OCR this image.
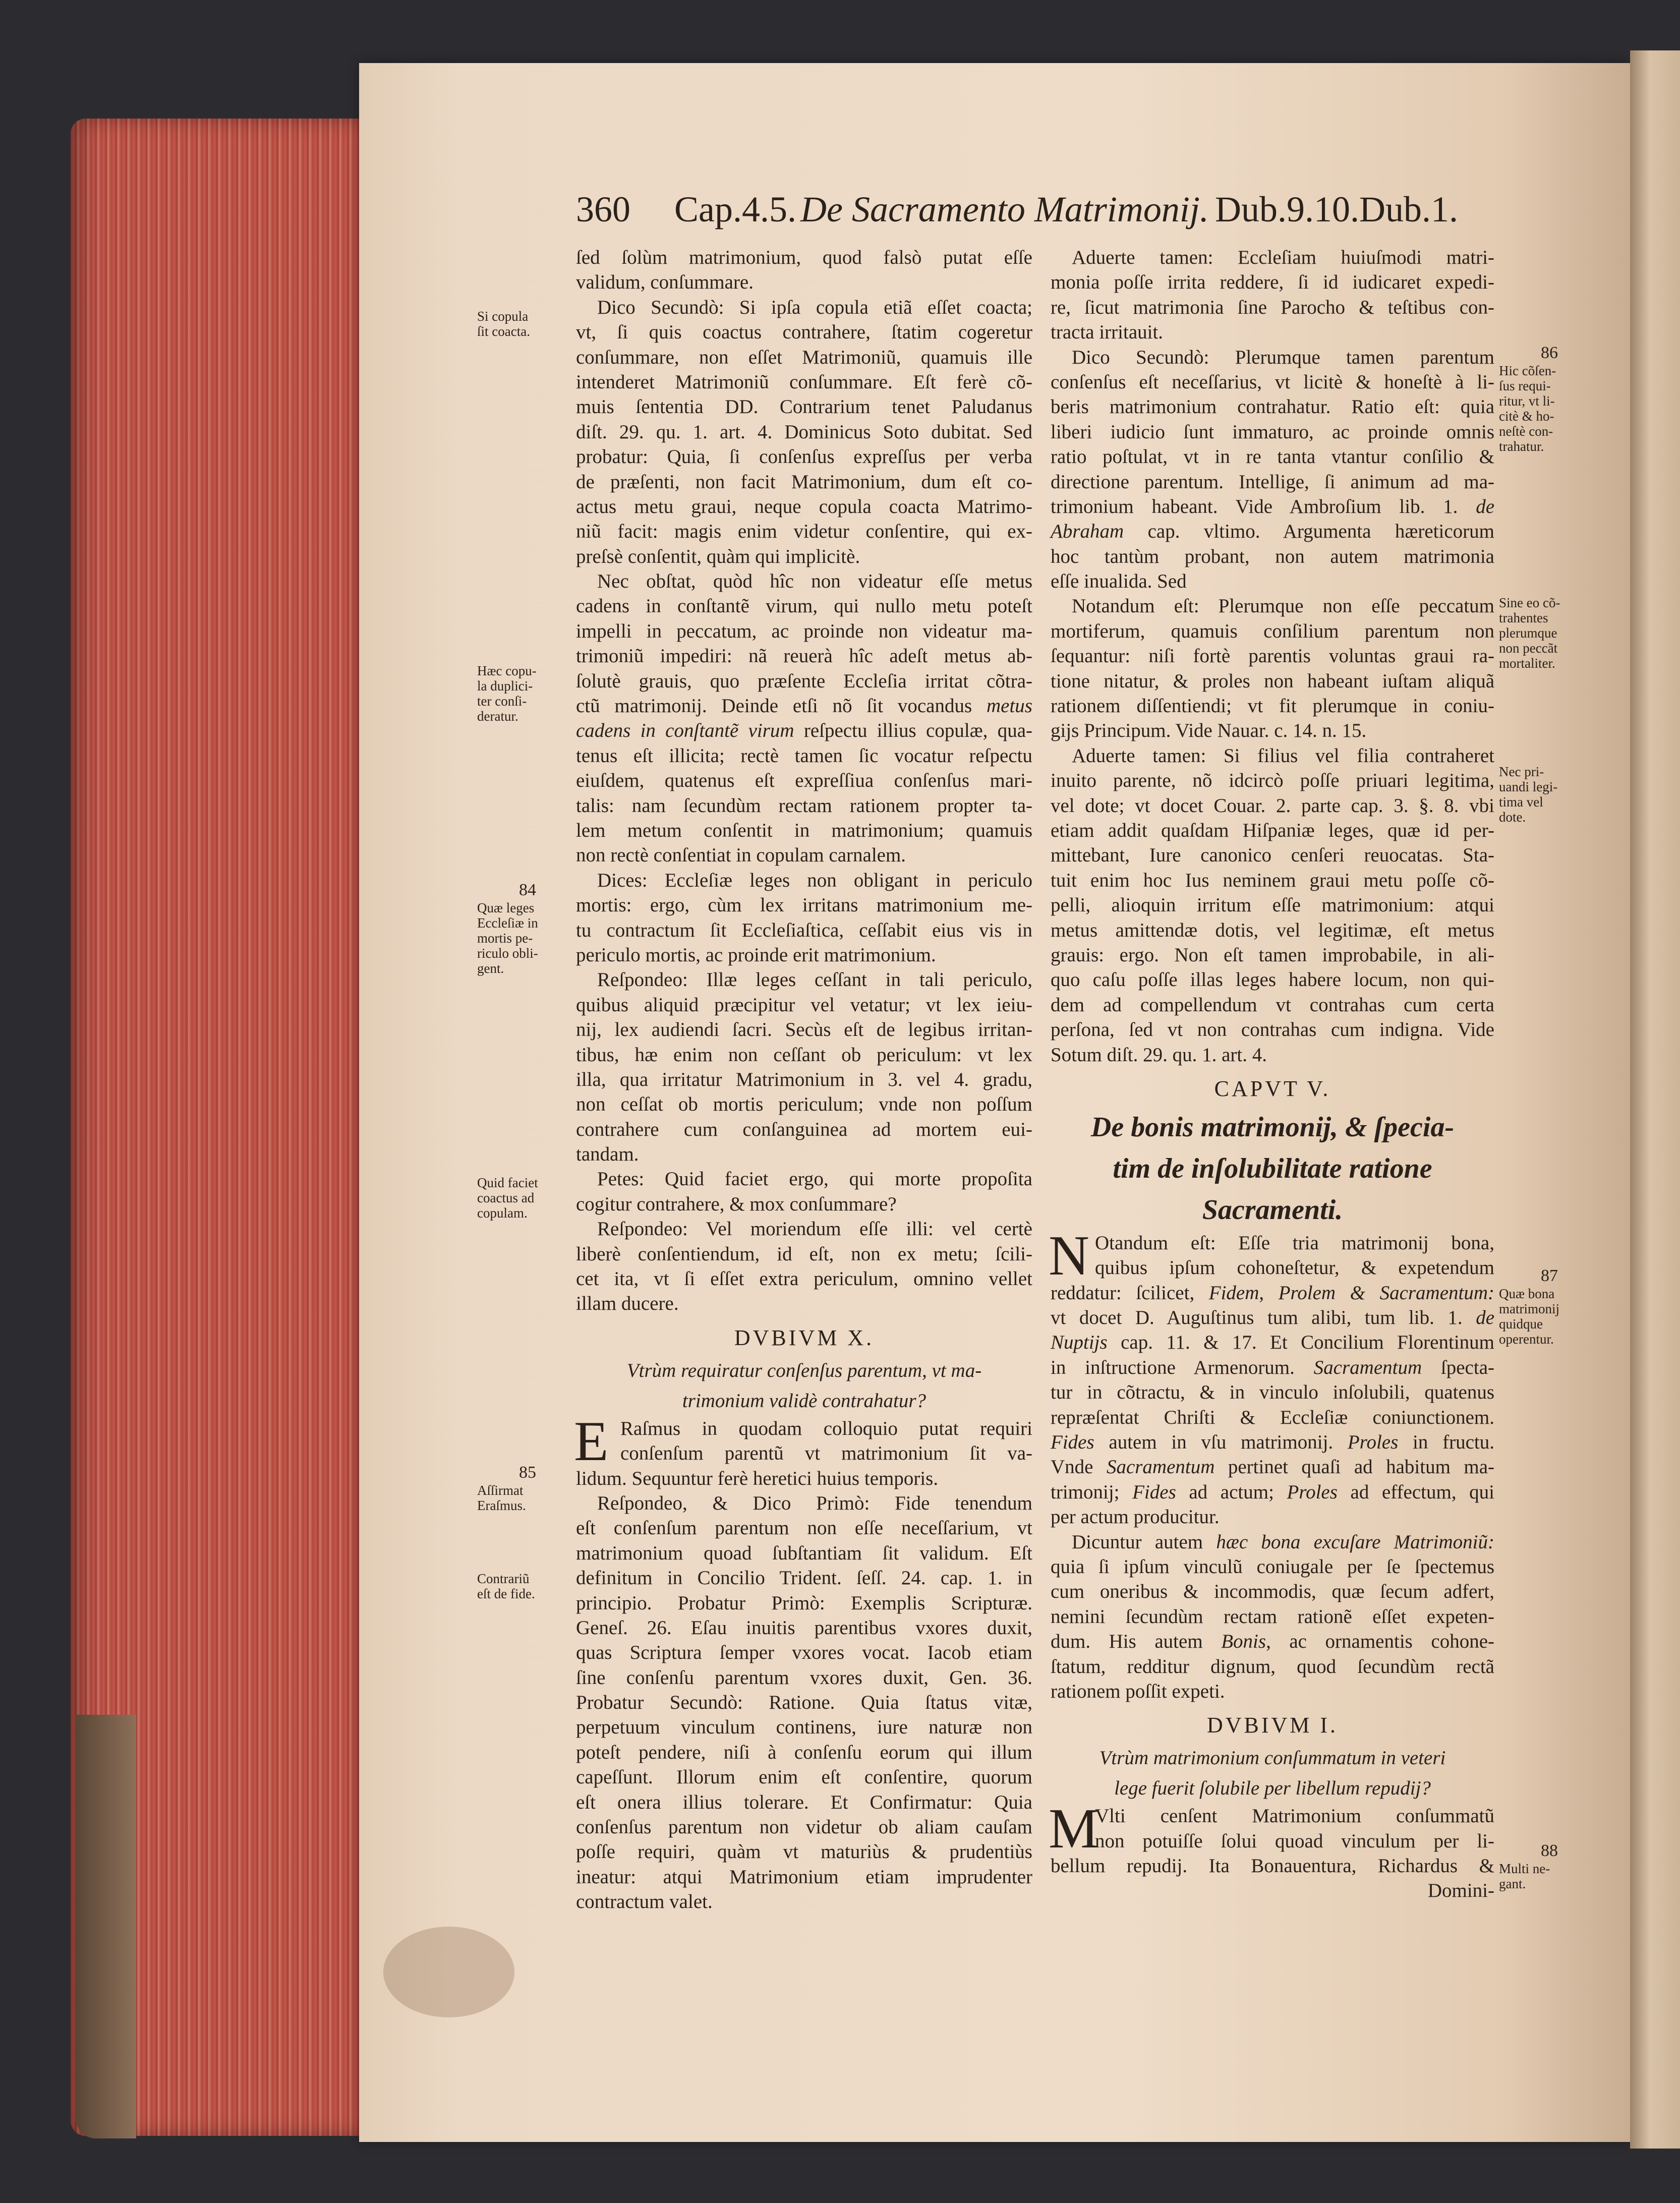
360 Cap.4.5. De Sacramento Matrimonij. Dub.9.10.Dub.1.
ſed ſolùm matrimonium, quod falsò putat eſſe
validum, conſummare.
Dico Secundò: Si ipſa copula etiã eſſet coacta;
vt, ſi quis coactus contrahere, ſtatim cogeretur
conſummare, non eſſet Matrimoniũ, quamuis ille
intenderet Matrimoniũ conſummare. Eſt ferè cõ-
muis ſententia DD. Contrarium tenet Paludanus
diſt. 29. qu. 1. art. 4. Dominicus Soto dubitat. Sed
probatur: Quia, ſi conſenſus expreſſus per verba
de præſenti, non facit Matrimonium, dum eſt co-
actus metu graui, neque copula coacta Matrimo-
niũ facit: magis enim videtur conſentire, qui ex-
preſsè conſentit, quàm qui implicitè.
Nec obſtat, quòd hîc non videatur eſſe metus
cadens in conſtantẽ virum, qui nullo metu poteſt
impelli in peccatum, ac proinde non videatur ma-
trimoniũ impediri: nã reuerà hîc adeſt metus ab-
ſolutè grauis, quo præſente Eccleſia irritat cõtra-
ctũ matrimonij. Deinde etſi nõ ſit vocandus metus
cadens in conſtantẽ virum reſpectu illius copulæ, qua-
tenus eſt illicita; rectè tamen ſic vocatur reſpectu
eiuſdem, quatenus eſt expreſſiua conſenſus mari-
talis: nam ſecundùm rectam rationem propter ta-
lem metum conſentit in matrimonium; quamuis
non rectè conſentiat in copulam carnalem.
Dices: Eccleſiæ leges non obligant in periculo
mortis: ergo, cùm lex irritans matrimonium me-
tu contractum ſit Eccleſiaſtica, ceſſabit eius vis in
periculo mortis, ac proinde erit matrimonium.
Reſpondeo: Illæ leges ceſſant in tali periculo,
quibus aliquid præcipitur vel vetatur; vt lex ieiu-
nij, lex audiendi ſacri. Secùs eſt de legibus irritan-
tibus, hæ enim non ceſſant ob periculum: vt lex
illa, qua irritatur Matrimonium in 3. vel 4. gradu,
non ceſſat ob mortis periculum; vnde non poſſum
contrahere cum conſanguinea ad mortem eui-
tandam.
Petes: Quid faciet ergo, qui morte propoſita
cogitur contrahere, & mox conſummare?
Reſpondeo: Vel moriendum eſſe illi: vel certè
liberè conſentiendum, id eſt, non ex metu; ſcili-
cet ita, vt ſi eſſet extra periculum, omnino vellet
illam ducere.
DVBIVM X.
Vtrùm requiratur conſenſus parentum, vt ma-
trimonium validè contrahatur?
E Raſmus in quodam colloquio putat requiri
conſenſum parentũ vt matrimonium ſit va-
lidum. Sequuntur ferè heretici huius temporis.
Reſpondeo, & Dico Primò: Fide tenendum
eſt conſenſum parentum non eſſe neceſſarium, vt
matrimonium quoad ſubſtantiam ſit validum. Eſt
definitum in Concilio Trident. ſeſſ. 24. cap. 1. in
principio. Probatur Primò: Exemplis Scripturæ.
Geneſ. 26. Eſau inuitis parentibus vxores duxit,
quas Scriptura ſemper vxores vocat. Iacob etiam
ſine conſenſu parentum vxores duxit, Gen. 36.
Probatur Secundò: Ratione. Quia ſtatus vitæ,
perpetuum vinculum continens, iure naturæ non
poteſt pendere, niſi à conſenſu eorum qui illum
capeſſunt. Illorum enim eſt conſentire, quorum
eſt onera illius tolerare. Et Confirmatur: Quia
conſenſus parentum non videtur ob aliam cauſam
poſſe requiri, quàm vt maturiùs & prudentiùs
ineatur: atqui Matrimonium etiam imprudenter
contractum valet.
Aduerte tamen: Eccleſiam huiuſmodi matri-
monia poſſe irrita reddere, ſi id iudicaret expedi-
re, ſicut matrimonia ſine Parocho & teſtibus con-
tracta irritauit.
Dico Secundò: Plerumque tamen parentum
conſenſus eſt neceſſarius, vt licitè & honeſtè à li-
beris matrimonium contrahatur. Ratio eſt: quia
liberi iudicio ſunt immaturo, ac proinde omnis
ratio poſtulat, vt in re tanta vtantur conſilio &
directione parentum. Intellige, ſi animum ad ma-
trimonium habeant. Vide Ambroſium lib. 1. de
Abraham cap. vltimo. Argumenta hæreticorum
hoc tantùm probant, non autem matrimonia
eſſe inualida. Sed
Notandum eſt: Plerumque non eſſe peccatum
mortiferum, quamuis conſilium parentum non
ſequantur: niſi fortè parentis voluntas graui ra-
tione nitatur, & proles non habeant iuſtam aliquã
rationem diſſentiendi; vt fit plerumque in coniu-
gijs Principum. Vide Nauar. c. 14. n. 15.
Aduerte tamen: Si filius vel filia contraheret
inuito parente, nõ idcircò poſſe priuari legitima,
vel dote; vt docet Couar. 2. parte cap. 3. §. 8. vbi
etiam addit quaſdam Hiſpaniæ leges, quæ id per-
mittebant, Iure canonico cenſeri reuocatas. Sta-
tuit enim hoc Ius neminem graui metu poſſe cõ-
pelli, alioquin irritum eſſe matrimonium: atqui
metus amittendæ dotis, vel legitimæ, eſt metus
grauis: ergo. Non eſt tamen improbabile, in ali-
quo caſu poſſe illas leges habere locum, non qui-
dem ad compellendum vt contrahas cum certa
perſona, ſed vt non contrahas cum indigna. Vide
Sotum diſt. 29. qu. 1. art. 4.
CAPVT V.
De bonis matrimonij, & ſpecia-
tim de inſolubilitate ratione
Sacramenti.
N Otandum eſt: Eſſe tria matrimonij bona,
quibus ipſum cohoneſtetur, & expetendum
reddatur: ſcilicet, Fidem, Prolem & Sacramentum:
vt docet D. Auguſtinus tum alibi, tum lib. 1. de
Nuptijs cap. 11. & 17. Et Concilium Florentinum
in inſtructione Armenorum. Sacramentum ſpecta-
tur in cõtractu, & in vinculo inſolubili, quatenus
repræſentat Chriſti & Eccleſiæ coniunctionem.
Fides autem in vſu matrimonij. Proles in fructu.
Vnde Sacramentum pertinet quaſi ad habitum ma-
trimonij; Fides ad actum; Proles ad effectum, qui
per actum producitur.
Dicuntur autem hæc bona excuſare Matrimoniũ:
quia ſi ipſum vinculũ coniugale per ſe ſpectemus
cum oneribus & incommodis, quæ ſecum adfert,
nemini ſecundùm rectam rationẽ eſſet expeten-
dum. His autem Bonis, ac ornamentis cohone-
ſtatum, redditur dignum, quod ſecundùm rectã
rationem poſſit expeti.
DVBIVM I.
Vtrùm matrimonium conſummatum in veteri
lege fuerit ſolubile per libellum repudij?
M
Vlti cenſent Matrimonium conſummatũ
non potuiſſe ſolui quoad vinculum per li-
bellum repudij. Ita Bonauentura, Richardus &
Domini-
Si copula
ſit coacta.
Hæc copu-
la duplici-
ter conſi-
deratur.
84
Quæ leges
Eccleſiæ in
mortis pe-
riculo obli-
gent.
Quid faciet
coactus ad
copulam.
85
Aſſirmat
Eraſmus.
Contrariũ
eſt de fide.
86
Hic cõſen-
ſus requi-
ritur, vt li-
citè & ho-
neſtè con-
trahatur.
Sine eo cõ-
trahentes
plerumque
non peccãt
mortaliter.
Nec pri-
uandi legi-
tima vel
dote.
87
Quæ bona
matrimonij
quidque
operentur.
88
Multi ne-
gant.
